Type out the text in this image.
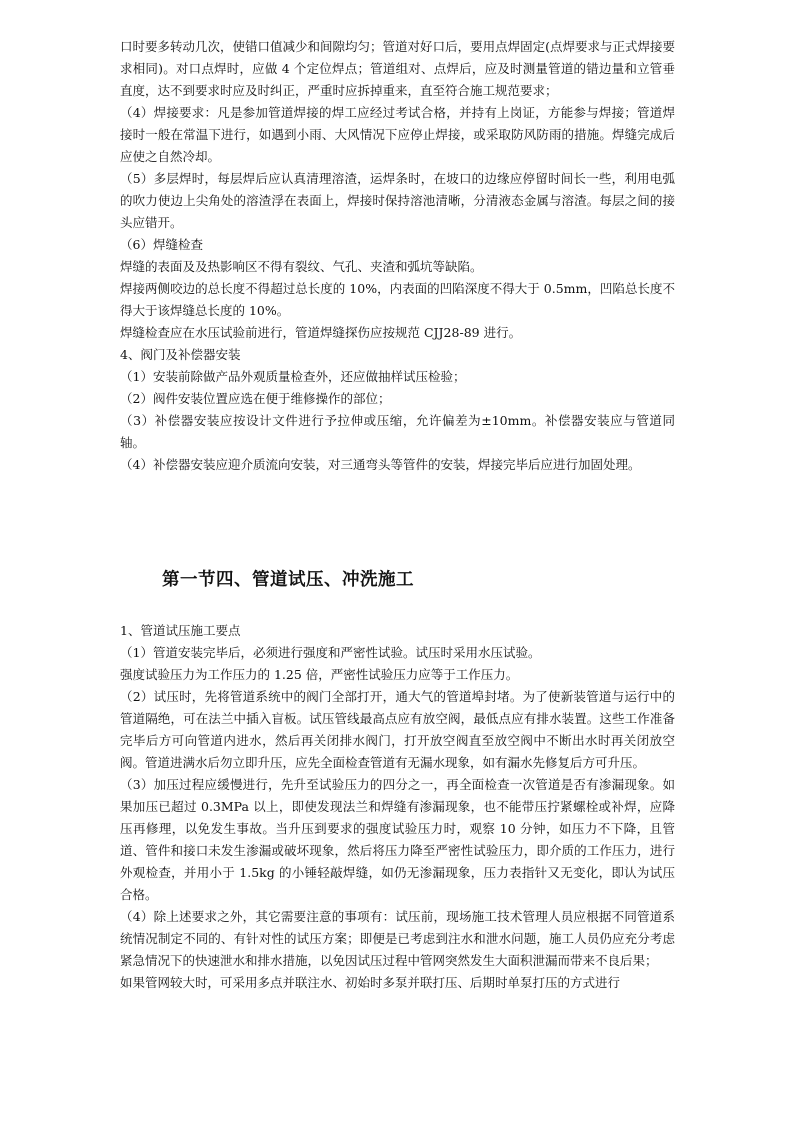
口时要多转动几次，使错口值减少和间隙均匀；管道对好口后，要用点焊固定(点焊要求与正式焊接要求相同)。对口点焊时，应做 4 个定位焊点；管道组对、点焊后，应及时测量管道的错边量和立管垂直度，达不到要求时应及时纠正，严重时应拆掉重来，直至符合施工规范要求；

（4）焊接要求：凡是参加管道焊接的焊工应经过考试合格，并持有上岗证，方能参与焊接；管道焊接时一般在常温下进行，如遇到小雨、大风情况下应停止焊接，或采取防风防雨的措施。焊缝完成后应使之自然冷却。

（5）多层焊时，每层焊后应认真清理溶渣，运焊条时，在坡口的边缘应停留时间长一些，利用电弧的吹力使边上尖角处的溶渣浮在表面上，焊接时保持溶池清晰，分清液态金属与溶渣。每层之间的接头应错开。

（6）焊缝检查

焊缝的表面及及热影响区不得有裂纹、气孔、夹渣和弧坑等缺陷。

焊接两侧咬边的总长度不得超过总长度的 10%，内表面的凹陷深度不得大于 0.5mm，凹陷总长度不得大于该焊缝总长度的 10%。

焊缝检查应在水压试验前进行，管道焊缝探伤应按规范 CJJ28-89 进行。

4、阀门及补偿器安装

（1）安装前除做产品外观质量检查外，还应做抽样试压检验；

（2）阀件安装位置应选在便于维修操作的部位；

（3）补偿器安装应按设计文件进行予拉伸或压缩，允许偏差为±10mm。补偿器安装应与管道同轴。

（4）补偿器安装应迎介质流向安装，对三通弯头等管件的安装，焊接完毕后应进行加固处理。

第一节四、管道试压、冲洗施工

1、管道试压施工要点

（1）管道安装完毕后，必须进行强度和严密性试验。试压时采用水压试验。

强度试验压力为工作压力的 1.25 倍，严密性试验压力应等于工作压力。

（2）试压时，先将管道系统中的阀门全部打开，通大气的管道埠封堵。为了使新装管道与运行中的管道隔绝，可在法兰中插入盲板。试压管线最高点应有放空阀，最低点应有排水装置。这些工作准备完毕后方可向管道内进水，然后再关闭排水阀门，打开放空阀直至放空阀中不断出水时再关闭放空阀。管道进满水后勿立即升压，应先全面检查管道有无漏水现象，如有漏水先修复后方可升压。

（3）加压过程应缓慢进行，先升至试验压力的四分之一，再全面检查一次管道是否有渗漏现象。如果加压已超过 0.3MPa 以上，即使发现法兰和焊缝有渗漏现象，也不能带压拧紧螺栓或补焊，应降压再修理，以免发生事故。当升压到要求的强度试验压力时，观察 10 分钟，如压力不下降，且管道、管件和接口未发生渗漏或破坏现象，然后将压力降至严密性试验压力，即介质的工作压力，进行外观检查，并用小于 1.5kg 的小锤轻敲焊缝，如仍无渗漏现象，压力表指针又无变化，即认为试压合格。

（4）除上述要求之外，其它需要注意的事项有：试压前，现场施工技术管理人员应根据不同管道系统情况制定不同的、有针对性的试压方案；即便是已考虑到注水和泄水问题，施工人员仍应充分考虑紧急情况下的快速泄水和排水措施，以免因试压过程中管网突然发生大面积泄漏而带来不良后果；

如果管网较大时，可采用多点并联注水、初始时多泵并联打压、后期时单泵打压的方式进行
